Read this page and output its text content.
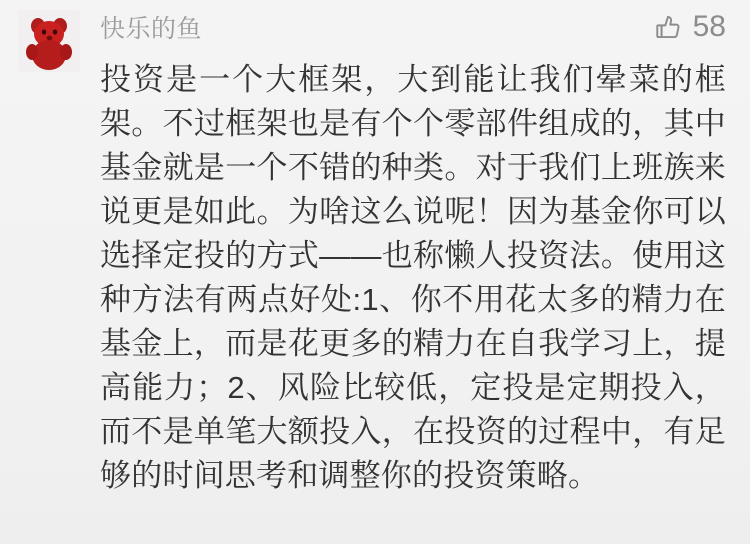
快乐的鱼	58
投资是一个大框架，大到能让我们晕菜的框架。不过框架也是有个个零部件组成的，其中基金就是一个不错的种类。对于我们上班族来说更是如此。为啥这么说呢！因为基金你可以选择定投的方式——也称懒人投资法。使用这种方法有两点好处:1、你不用花太多的精力在基金上，而是花更多的精力在自我学习上，提高能力；2、风险比较低，定投是定期投入，而不是单笔大额投入，在投资的过程中，有足够的时间思考和调整你的投资策略。
